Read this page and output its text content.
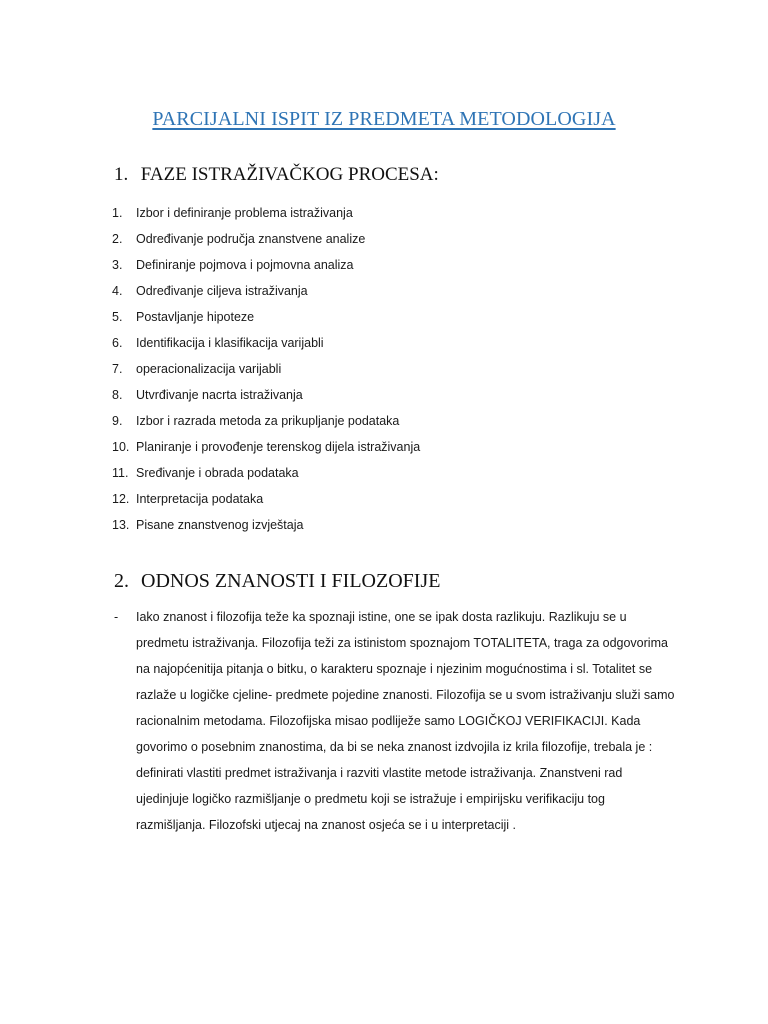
PARCIJALNI ISPIT IZ PREDMETA METODOLOGIJA
1. FAZE ISTRAŽIVAČKOG PROCESA:
1. Izbor i definiranje problema istraživanja
2. Određivanje područja znanstvene analize
3. Definiranje pojmova i pojmovna analiza
4. Određivanje ciljeva istraživanja
5. Postavljanje hipoteze
6. Identifikacija i klasifikacija varijabli
7. operacionalizacija varijabli
8. Utvrđivanje nacrta istraživanja
9. Izbor i razrada metoda za prikupljanje podataka
10. Planiranje i provođenje terenskog dijela istraživanja
11. Sređivanje i obrada podataka
12. Interpretacija podataka
13. Pisane znanstvenog izvještaja
2. ODNOS ZNANOSTI I FILOZOFIJE
- Iako znanost i filozofija teže ka spoznaji istine, one se ipak dosta razlikuju. Razlikuju se u
predmetu istraživanja. Filozofija teži za istinistom spoznajom TOTALITETA, traga za odgovorima
na najopćenitija pitanja o bitku, o karakteru spoznaje i njezinim mogućnostima i sl. Totalitet se
razlaže u logičke cjeline- predmete pojedine znanosti. Filozofija se u svom istraživanju služi samo
racionalnim metodama. Filozofijska misao podliježe samo LOGIČKOJ VERIFIKACIJI. Kada
govorimo o posebnim znanostima, da bi se neka znanost izdvojila iz krila filozofije, trebala je :
definirati vlastiti predmet istraživanja i razviti vlastite metode istraživanja. Znanstveni rad
ujedinjuje logičko razmišljanje o predmetu koji se istražuje i empirijsku verifikaciju tog
razmišljanja. Filozofski utjecaj na znanost osjeća se i u interpretaciji .
